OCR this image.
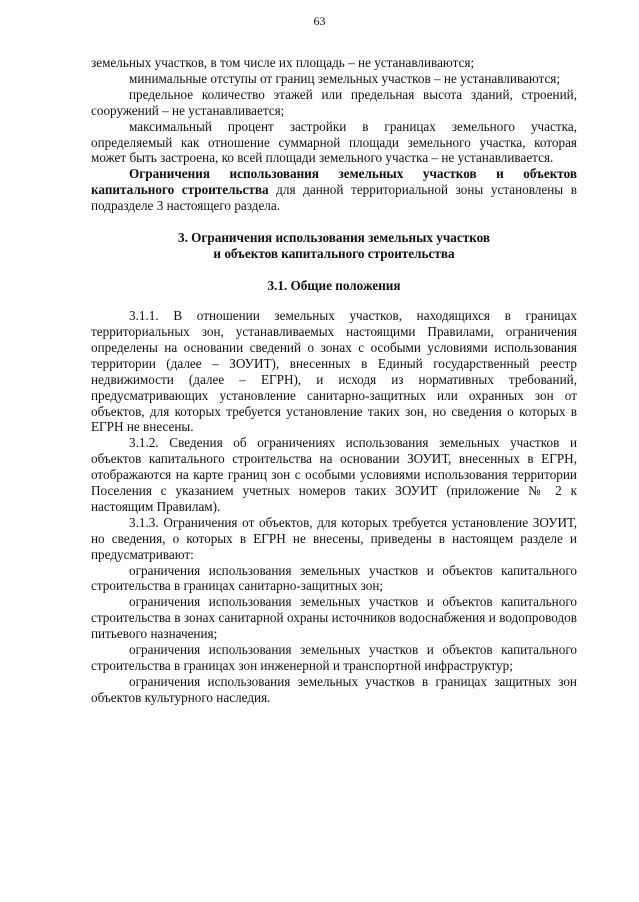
63

земельных участков, в том числе их площадь – не устанавливаются;

минимальные отступы от границ земельных участков – не устанавливаются;

предельное количество этажей или предельная высота зданий, строений, сооружений – не устанавливается;

максимальный процент застройки в границах земельного участка, определяемый как отношение суммарной площади земельного участка, которая может быть застроена, ко всей площади земельного участка – не устанавливается.

Ограничения использования земельных участков и объектов капитального строительства для данной территориальной зоны установлены в подразделе 3 настоящего раздела.

3. Ограничения использования земельных участков
и объектов капитального строительства
3.1. Общие положения

3.1.1. В отношении земельных участков, находящихся в границах территориальных зон, устанавливаемых настоящими Правилами, ограничения определены на основании сведений о зонах с особыми условиями использования территории (далее – ЗОУИТ), внесенных в Единый государственный реестр недвижимости (далее – ЕГРН), и исходя из нормативных требований, предусматривающих установление санитарно-защитных или охранных зон от объектов, для которых требуется установление таких зон, но сведения о которых в ЕГРН не внесены.

3.1.2. Сведения об ограничениях использования земельных участков и объектов капитального строительства на основании ЗОУИТ, внесенных в ЕГРН, отображаются на карте границ зон с особыми условиями использования территории Поселения с указанием учетных номеров таких ЗОУИТ (приложение № 2 к настоящим Правилам).

3.1.3. Ограничения от объектов, для которых требуется установление ЗОУИТ, но сведения, о которых в ЕГРН не внесены, приведены в настоящем разделе и предусматривают:

ограничения использования земельных участков и объектов капитального строительства в границах санитарно-защитных зон;

ограничения использования земельных участков и объектов капитального строительства в зонах санитарной охраны источников водоснабжения и водопроводов питьевого назначения;

ограничения использования земельных участков и объектов капитального строительства в границах зон инженерной и транспортной инфраструктур;

ограничения использования земельных участков в границах защитных зон объектов культурного наследия.
